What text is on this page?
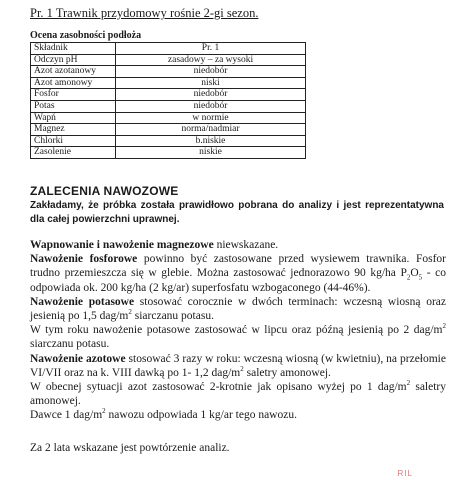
Pr. 1 Trawnik przydomowy rośnie 2-gi sezon.
Ocena zasobności podłoża
Składnik	Pr. 1
Odczyn pH	zasadowy – za wysoki
Azot azotanowy	niedobór
Azot amonowy	niski
Fosfor	niedobór
Potas	niedobór
Wapń	w normie
Magnez	norma/nadmiar
Chlorki	b.niskie
Zasolenie	niskie
ZALECENIA NAWOZOWE
Zakładamy, że próbka została prawidłowo pobrana do analizy i jest reprezentatywna dla całej powierzchni uprawnej.

Wapnowanie i nawożenie magnezowe niewskazane.

Nawożenie fosforowe powinno być zastosowane przed wysiewem trawnika. Fosfor trudno przemieszcza się w glebie. Można zastosować jednorazowo 90 kg/ha $P_2O_5$ - co odpowiada ok. 200 kg/ha (2 kg/ar) superfosfatu wzbogaconego (44-46%).

Nawożenie potasowe stosować corocznie w dwóch terminach: wczesną wiosną oraz jesienią po 1,5 dag/$m^2$ siarczanu potasu.

W tym roku nawożenie potasowe zastosować w lipcu oraz późną jesienią po 2 dag/$m^2$ siarczanu potasu.

Nawożenie azotowe stosować 3 razy w roku: wczesną wiosną (w kwietniu), na przełomie VI/VII oraz na k. VIII dawką po 1- 1,2 dag/$m^2$ saletry amonowej.

W obecnej sytuacji azot zastosować 2-krotnie jak opisano wyżej po 1 dag/$m^2$ saletry amonowej.

Dawce 1 dag/$m^2$ nawozu odpowiada 1 kg/ar tego nawozu.

Za 2 lata wskazane jest powtórzenie analiz.

RIL
